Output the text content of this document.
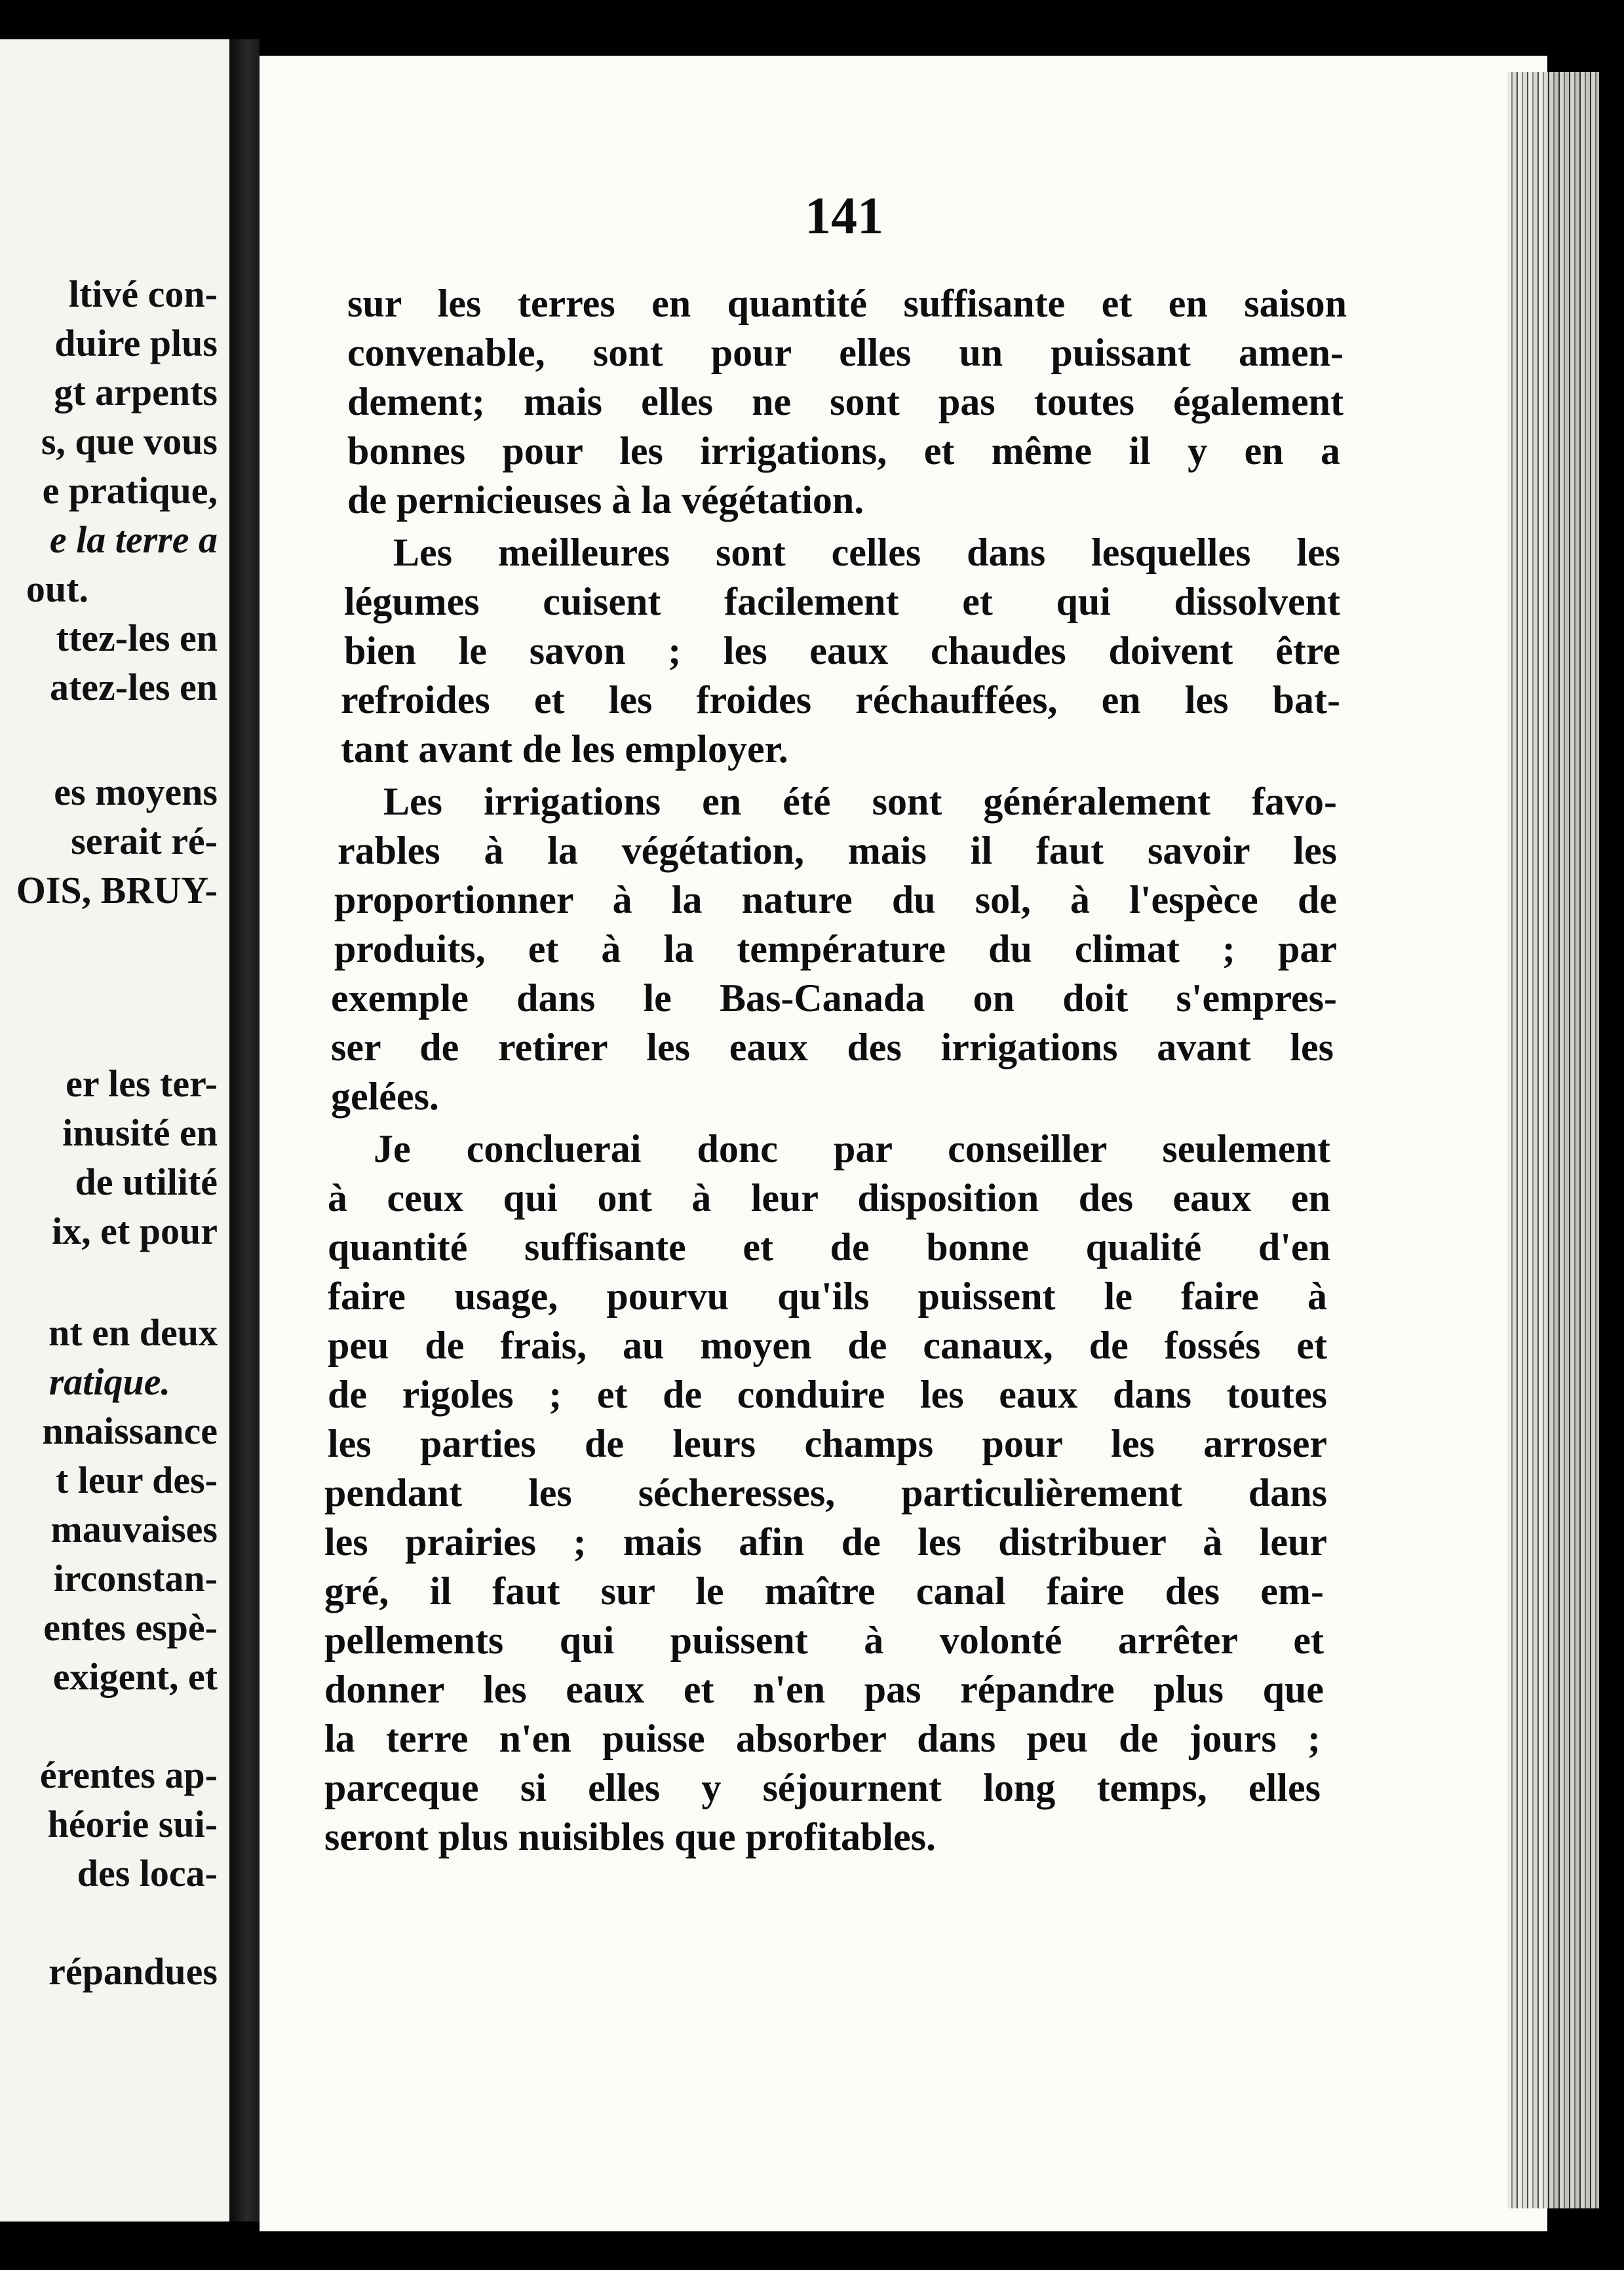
ltivé con-
duire plus
gt arpents
s, que vous
e pratique,
e la terre a
out.
ttez-les en
atez-les en
es moyens
serait ré-
OIS, BRUY-
er les ter-
inusité en
de utilité
ix, et pour
nt en deux
ratique.
nnaissance
t leur des-
mauvaises
irconstan-
entes espè-
exigent, et
érentes ap-
héorie sui-
des loca-
répandues
141
sur les terres en quantité suffisante et en saison
convenable, sont pour elles un puissant amen-
dement; mais elles ne sont pas toutes également
bonnes pour les irrigations, et même il y en a
de pernicieuses à la végétation.
Les meilleures sont celles dans lesquelles les
légumes cuisent facilement et qui dissolvent
bien le savon ; les eaux chaudes doivent être
refroides et les froides réchauffées, en les bat-
tant avant de les employer.
Les irrigations en été sont généralement favo-
rables à la végétation, mais il faut savoir les
proportionner à la nature du sol, à l'espèce de
produits, et à la température du climat ; par
exemple dans le Bas-Canada on doit s'empres-
ser de retirer les eaux des irrigations avant les
gelées.
Je concluerai donc par conseiller seulement
à ceux qui ont à leur disposition des eaux en
quantité suffisante et de bonne qualité d'en
faire usage, pourvu qu'ils puissent le faire à
peu de frais, au moyen de canaux, de fossés et
de rigoles ; et de conduire les eaux dans toutes
les parties de leurs champs pour les arroser
pendant les sécheresses, particulièrement dans
les prairies ; mais afin de les distribuer à leur
gré, il faut sur le maître canal faire des em-
pellements qui puissent à volonté arrêter et
donner les eaux et n'en pas répandre plus que
la terre n'en puisse absorber dans peu de jours ;
parceque si elles y séjournent long temps, elles
seront plus nuisibles que profitables.
